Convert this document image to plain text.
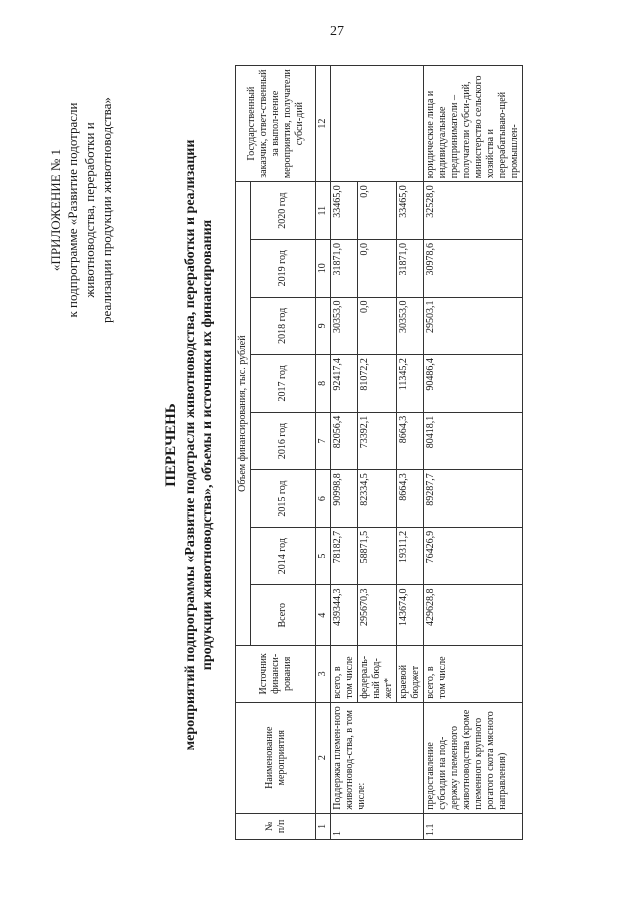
27
«ПРИЛОЖЕНИЕ № 1 к подпрограмме «Развитие подотрасли животноводства, переработки и реализации продукции животноводства»
ПЕРЕЧЕНЬ мероприятий подпрограммы «Развитие подотрасли животноводства, переработки и реализации продукции животноводства», объемы и источники их финансирования
№ п/п	Наименование мероприятия	Источник финанси-рования	Объем финансирования, тыс. рублей								Государственный заказчик, ответ-ственный за выпол-нение мероприятия, получатели субси-дий
			Всего	2014 год	2015 год	2016 год	2017 год	2018 год	2019 год	2020 год	
1	2	3	4	5	6	7	8	9	10	11	12
1	Поддержка племен-ного животновод-ства, в том числе:	всего, в том числе	439344,3	78182,7	90998,8	82056,4	92417,4	30353,0	31871,0	33465,0	
		федераль-ный бюд-жет*	295670,3	58871,5	82334,5	73392,1	81072,2	0,0	0,0	0,0	
		краевой бюджет	143674,0	19311,2	8664,3	8664,3	11345,2	30353,0	31871,0	33465,0	
1.1	предоставление субсидии на под-держку племенного животноводства (кроме племенного крупного рогатого скота мясного направления)	всего, в том числе	429628,8	76426,9	89287,7	80418,1	90486,4	29503,1	30978,6	32528,0	юридические лица и индивидуальные предприниматели – получатели субси-дий, министерство сельского хозяйства и перерабатываю-щей промышлен-
